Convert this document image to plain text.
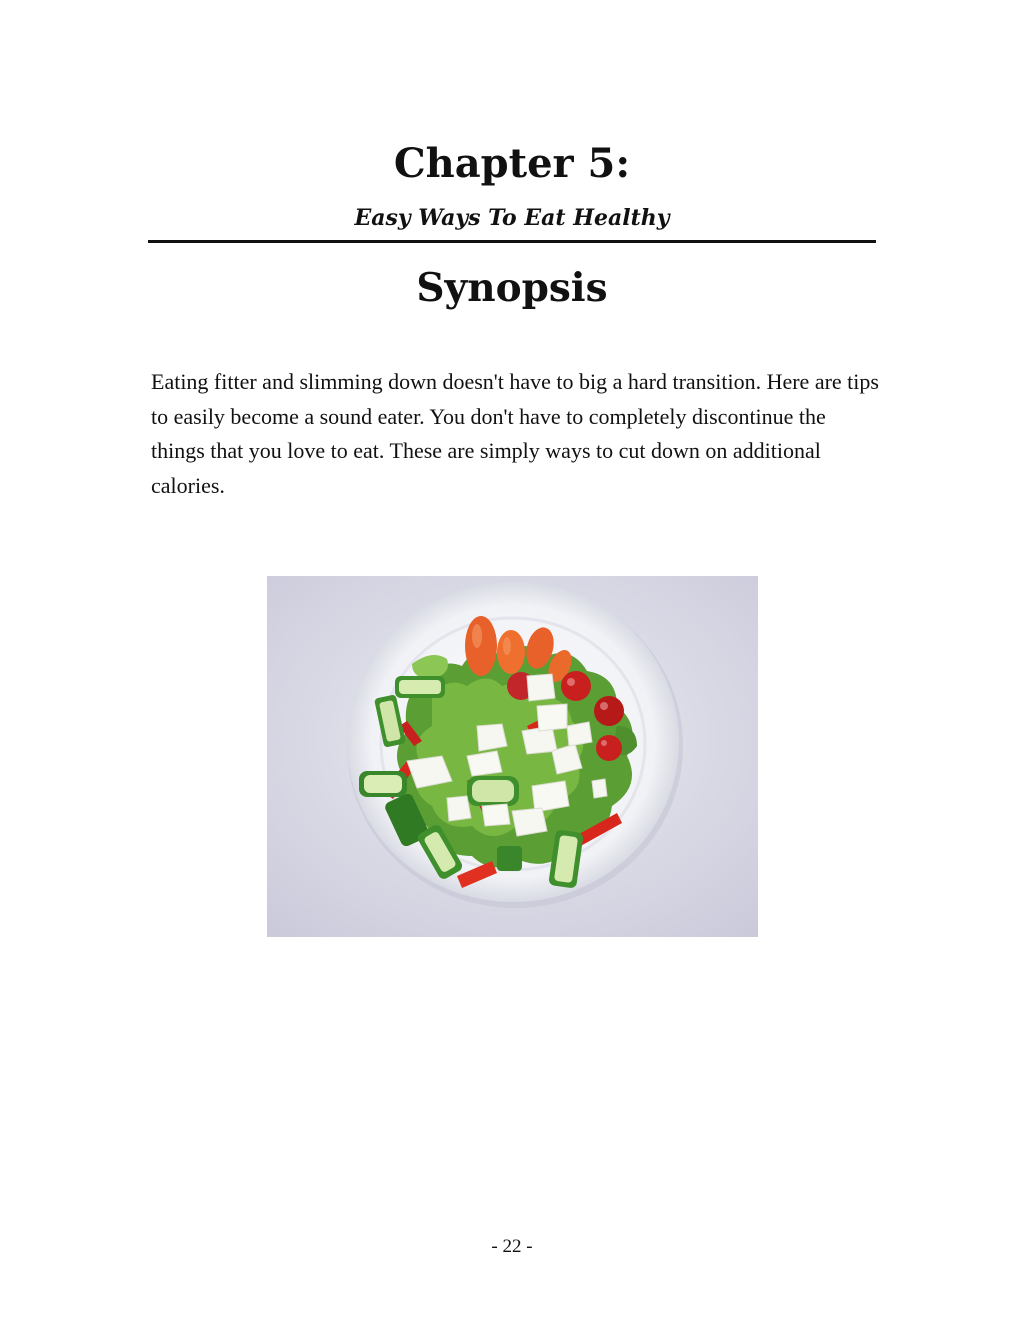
Chapter 5:
Easy Ways To Eat Healthy
Synopsis

Eating fitter and slimming down doesn't have to big a hard transition. Here are tips to easily become a sound eater. You don't have to completely discontinue the things that you love to eat. These are simply ways to cut down on additional calories.

- 22 -
